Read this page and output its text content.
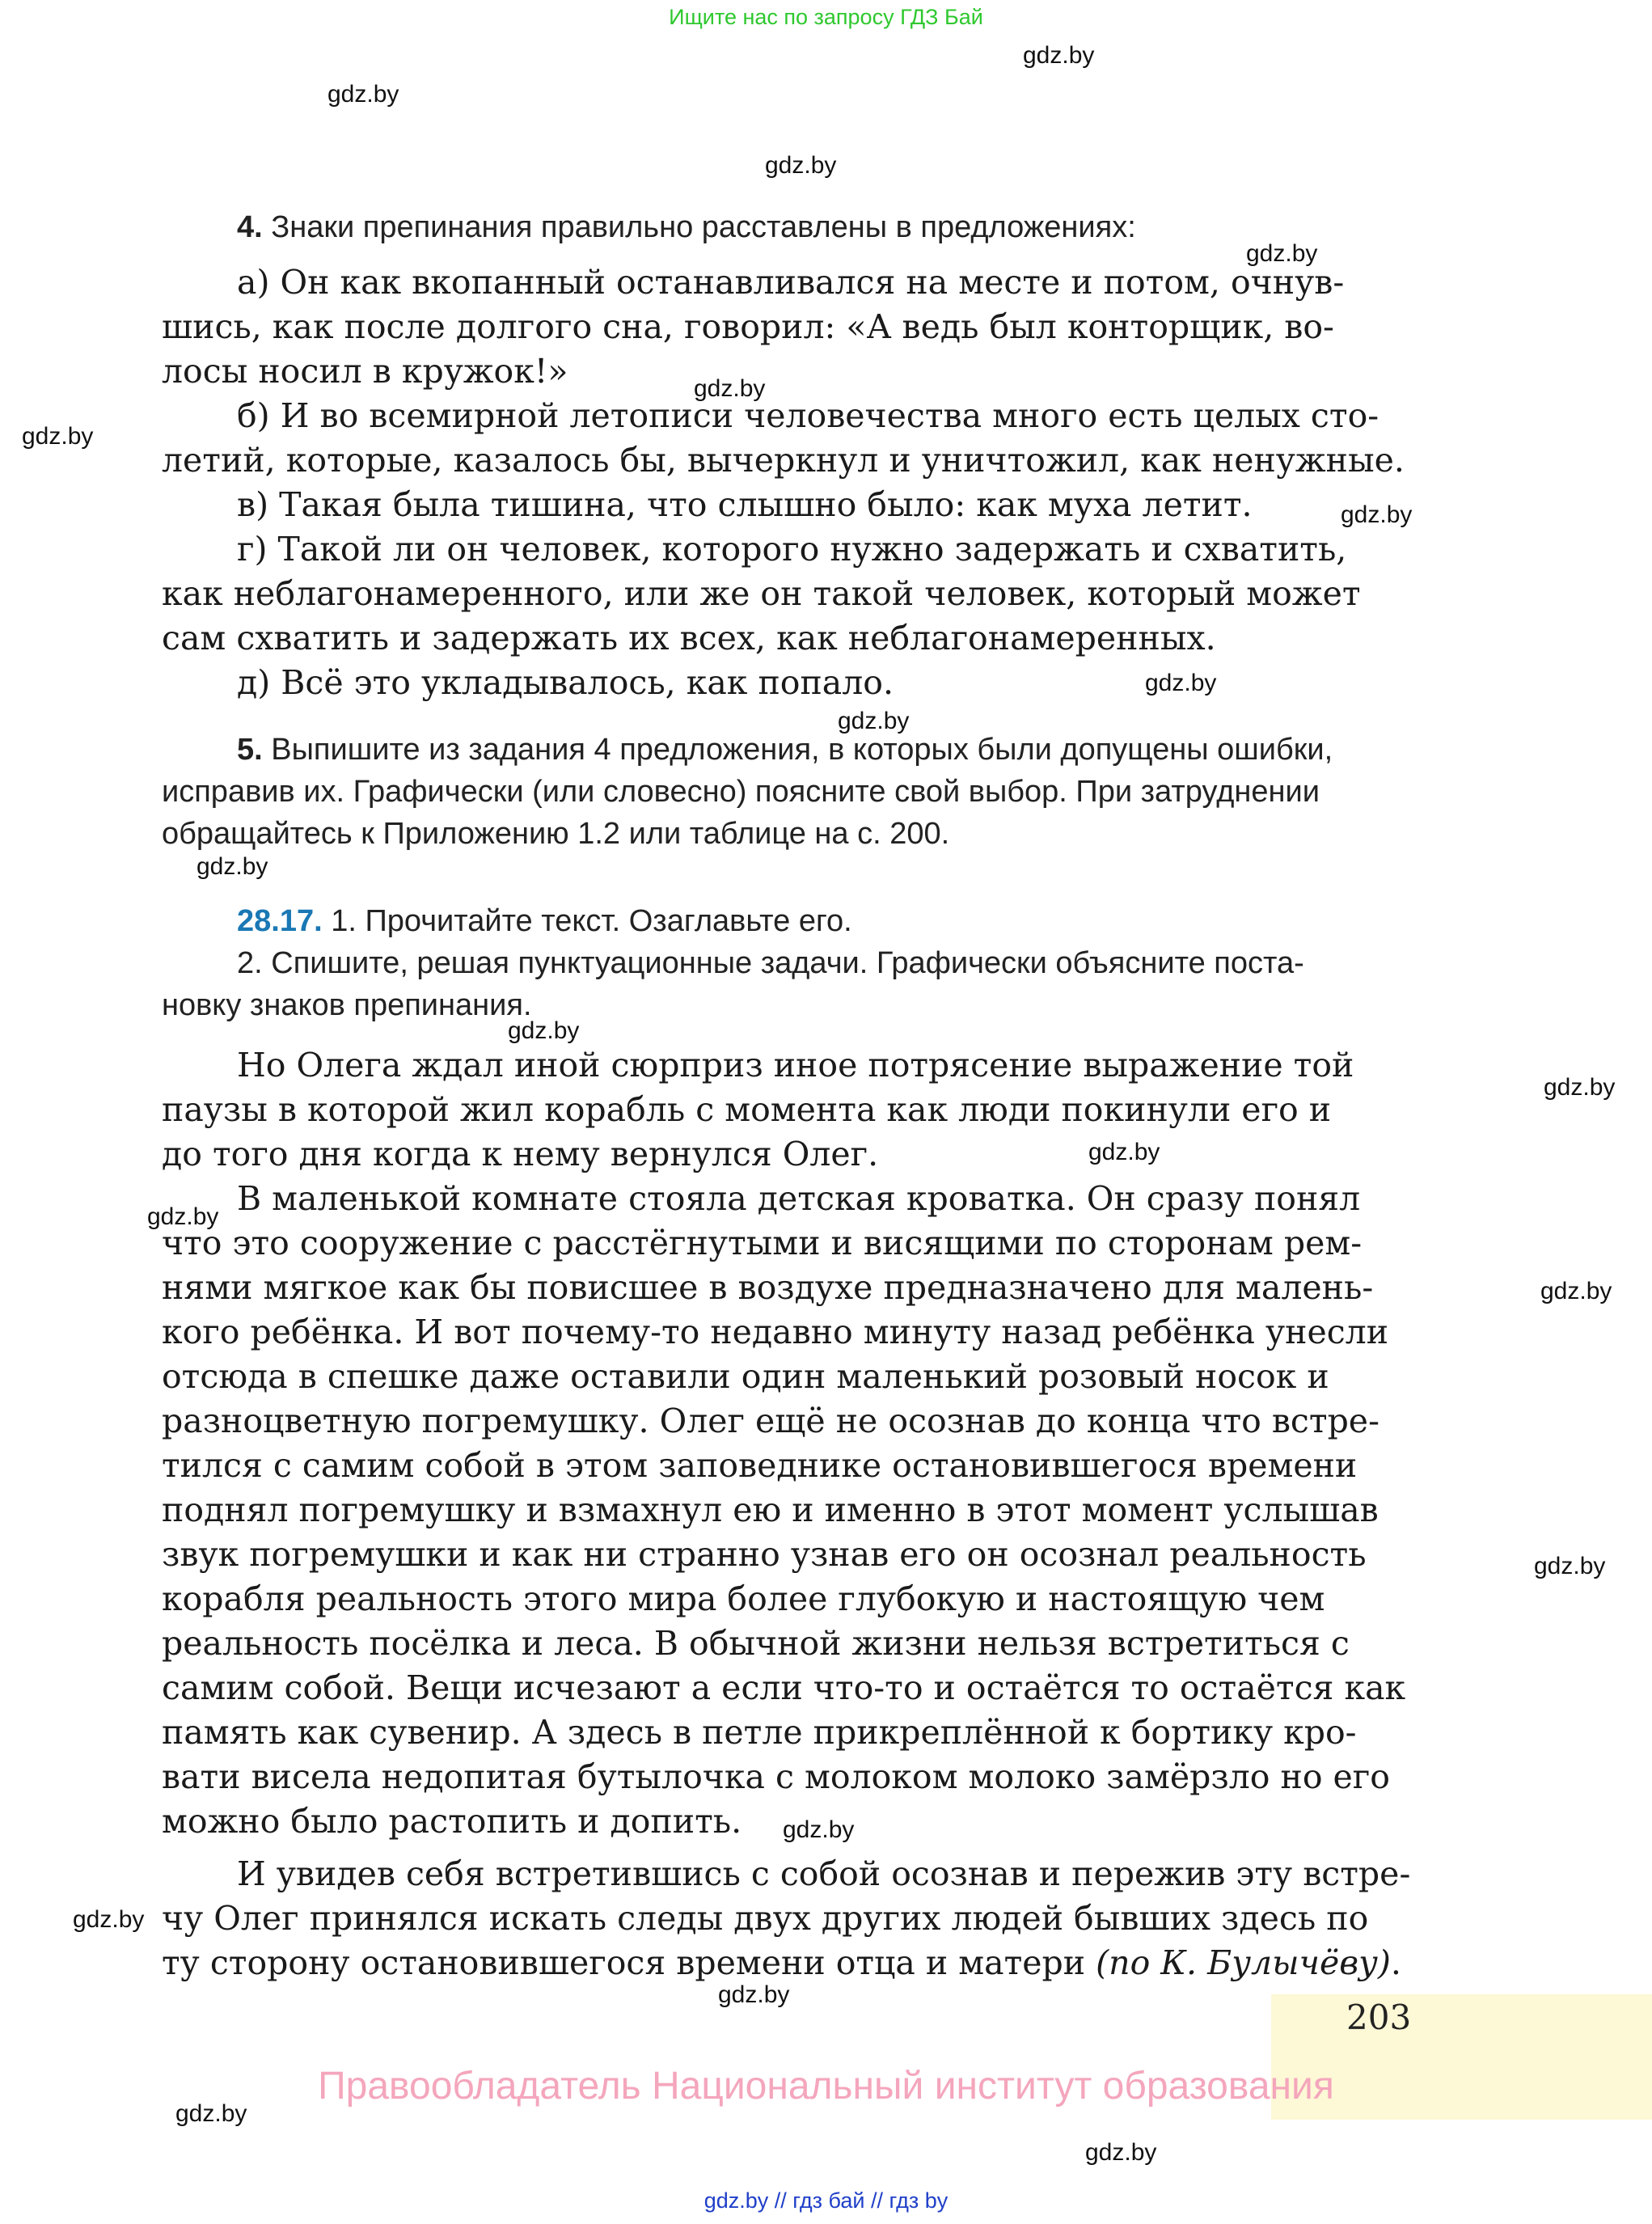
Ищите нас по запросу ГДЗ Бай
gdz.by
gdz.by
gdz.by
gdz.by
gdz.by
gdz.by
gdz.by
gdz.by
gdz.by
gdz.by
gdz.by
gdz.by
gdz.by
gdz.by
gdz.by
gdz.by
gdz.by
gdz.by
gdz.by
gdz.by
gdz.by
4. Знаки препинания правильно расставлены в предложениях:
а) Он как вкопанный останавливался на месте и потом, очнув-
шись, как после долгого сна, говорил: «А ведь был конторщик, во-
лосы носил в кружок!»
б) И во всемирной летописи человечества много есть целых сто-
летий, которые, казалось бы, вычеркнул и уничтожил, как ненужные.
в) Такая была тишина, что слышно было: как муха летит.
г) Такой ли он человек, которого нужно задержать и схватить,
как неблагонамеренного, или же он такой человек, который может
сам схватить и задержать их всех, как неблагонамеренных.
д) Всё это укладывалось, как попало.
5. Выпишите из задания 4 предложения, в которых были допущены ошибки,
исправив их. Графически (или словесно) поясните свой выбор. При затруднении
обращайтесь к Приложению 1.2 или таблице на с. 200.
28.17. 1. Прочитайте текст. Озаглавьте его.
2. Спишите, решая пунктуационные задачи. Графически объясните поста-
новку знаков препинания.
Но Олега ждал иной сюрприз иное потрясение выражение той
паузы в которой жил корабль с момента как люди покинули его и
до того дня когда к нему вернулся Олег.
В маленькой комнате стояла детская кроватка. Он сразу понял
что это сооружение с расстёгнутыми и висящими по сторонам рем-
нями мягкое как бы повисшее в воздухе предназначено для малень-
кого ребёнка. И вот почему-то недавно минуту назад ребёнка унесли
отсюда в спешке даже оставили один маленький розовый носок и
разноцветную погремушку. Олег ещё не осознав до конца что встре-
тился с самим собой в этом заповеднике остановившегося времени
поднял погремушку и взмахнул ею и именно в этот момент услышав
звук погремушки и как ни странно узнав его он осознал реальность
корабля реальность этого мира более глубокую и настоящую чем
реальность посёлка и леса. В обычной жизни нельзя встретиться с
самим собой. Вещи исчезают а если что-то и остаётся то остаётся как
память как сувенир. А здесь в петле прикреплённой к бортику кро-
вати висела недопитая бутылочка с молоком молоко замёрзло но его
можно было растопить и допить.
И увидев себя встретившись с собой осознав и пережив эту встре-
чу Олег принялся искать следы двух других людей бывших здесь по
ту сторону остановившегося времени отца и матери (по К. Булычёву).
203
Правообладатель Национальный институт образования
gdz.by // гдз бай // гдз by
